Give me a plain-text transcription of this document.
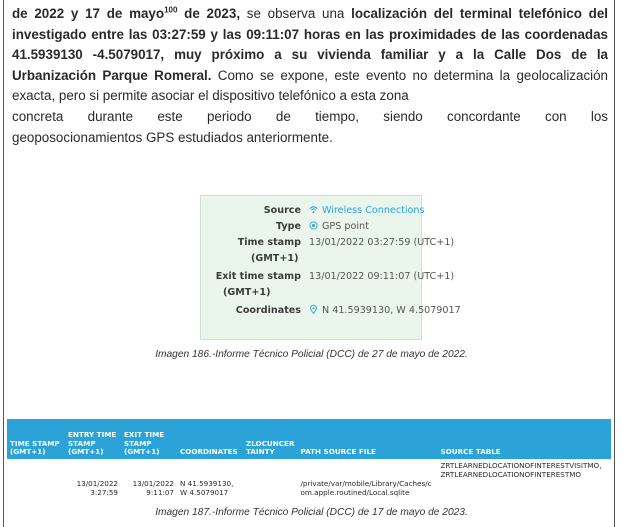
de 2022 y 17 de mayo$^{100}$ de 2023, se observa una localización del terminal telefónico del investigado entre las 03:27:59 y las 09:11:07 horas en las proximidades de las coordenadas 41.5939130 -4.5079017, muy próximo a su vivienda familiar y a la Calle Dos de la Urbanización Parque Romeral. Como se expone, este evento no determina la geolocalización exacta, pero si permite asociar el dispositivo telefónico a esta zona
concreta durante este periodo de tiempo, siendo concordante con los
geoposocionamientos GPS estudiados anteriormente.
Source	Wireless Connections
Type	GPS point
Time stamp 13/01/2022 03:27:59 (UTC+1)
(GMT+1)
Exit time stamp 13/01/2022 09:11:07 (UTC+1)
(GMT+1)
Coordinates	N 41.5939130, W 4.5079017
Imagen 186.-Informe Técnico Policial (DCC) de 27 de mayo de 2022.
TIME STAMP (GMT+1)	ENTRY TIME STAMP (GMT+1)	EXIT TIME STAMP (GMT+1)	COORDINATES	ZLOCUNCER TAINTY	PATH SOURCE FILE	SOURCE TABLE
	13/01/2022 3:27:59	13/01/2022 9:11:07	N 41.5939130, W 4.5079017		/private/var/mobile/Library/Caches/com.apple.routined/Local.sqlite	ZRTLEARNEDLOCATIONOFINTERESTVISITMO, ZRTLEARNEDLOCATIONOFINTERESTMO
Imagen 187.-Informe Técnico Policial (DCC) de 17 de mayo de 2023.
